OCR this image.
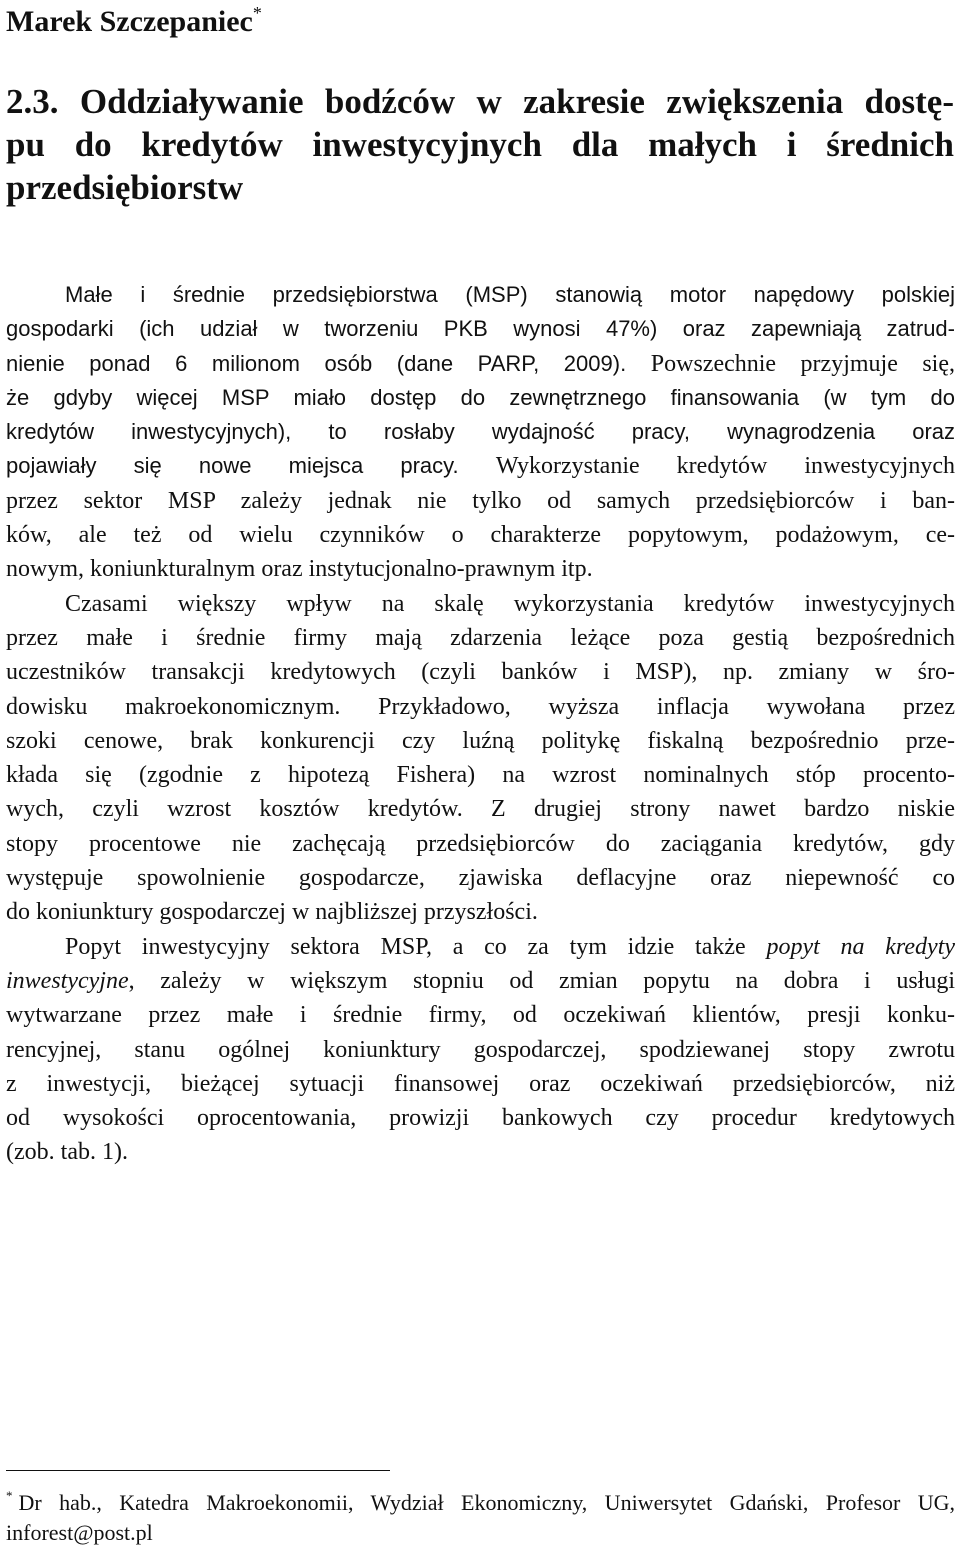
Marek Szczepaniec*
2.3. Oddziaływanie bodźców w zakresie zwiększenia dostę-
pu do kredytów inwestycyjnych dla małych i średnich
przedsiębiorstw
Małe i średnie przedsiębiorstwa (MSP) stanowią motor napędowy polskiej
gospodarki (ich udział w tworzeniu PKB wynosi 47%) oraz zapewniają zatrud-
nienie ponad 6 milionom osób (dane PARP, 2009). Powszechnie przyjmuje się,
że gdyby więcej MSP miało dostęp do zewnętrznego finansowania (w tym do
kredytów inwestycyjnych), to rosłaby wydajność pracy, wynagrodzenia oraz
pojawiały się nowe miejsca pracy. Wykorzystanie kredytów inwestycyjnych
przez sektor MSP zależy jednak nie tylko od samych przedsiębiorców i ban-
ków, ale też od wielu czynników o charakterze popytowym, podażowym, ce-
nowym, koniunkturalnym oraz instytucjonalno-prawnym itp.
Czasami większy wpływ na skalę wykorzystania kredytów inwestycyjnych
przez małe i średnie firmy mają zdarzenia leżące poza gestią bezpośrednich
uczestników transakcji kredytowych (czyli banków i MSP), np. zmiany w śro-
dowisku makroekonomicznym. Przykładowo, wyższa inflacja wywołana przez
szoki cenowe, brak konkurencji czy luźną politykę fiskalną bezpośrednio prze-
kłada się (zgodnie z hipotezą Fishera) na wzrost nominalnych stóp procento-
wych, czyli wzrost kosztów kredytów. Z drugiej strony nawet bardzo niskie
stopy procentowe nie zachęcają przedsiębiorców do zaciągania kredytów, gdy
występuje spowolnienie gospodarcze, zjawiska deflacyjne oraz niepewność co
do koniunktury gospodarczej w najbliższej przyszłości.
Popyt inwestycyjny sektora MSP, a co za tym idzie także popyt na kredyty
inwestycyjne, zależy w większym stopniu od zmian popytu na dobra i usługi
wytwarzane przez małe i średnie firmy, od oczekiwań klientów, presji konku-
rencyjnej, stanu ogólnej koniunktury gospodarczej, spodziewanej stopy zwrotu
z inwestycji, bieżącej sytuacji finansowej oraz oczekiwań przedsiębiorców, niż
od wysokości oprocentowania, prowizji bankowych czy procedur kredytowych
(zob. tab. 1).
* Dr hab., Katedra Makroekonomii, Wydział Ekonomiczny, Uniwersytet Gdański, Profesor UG,
inforest@post.pl
